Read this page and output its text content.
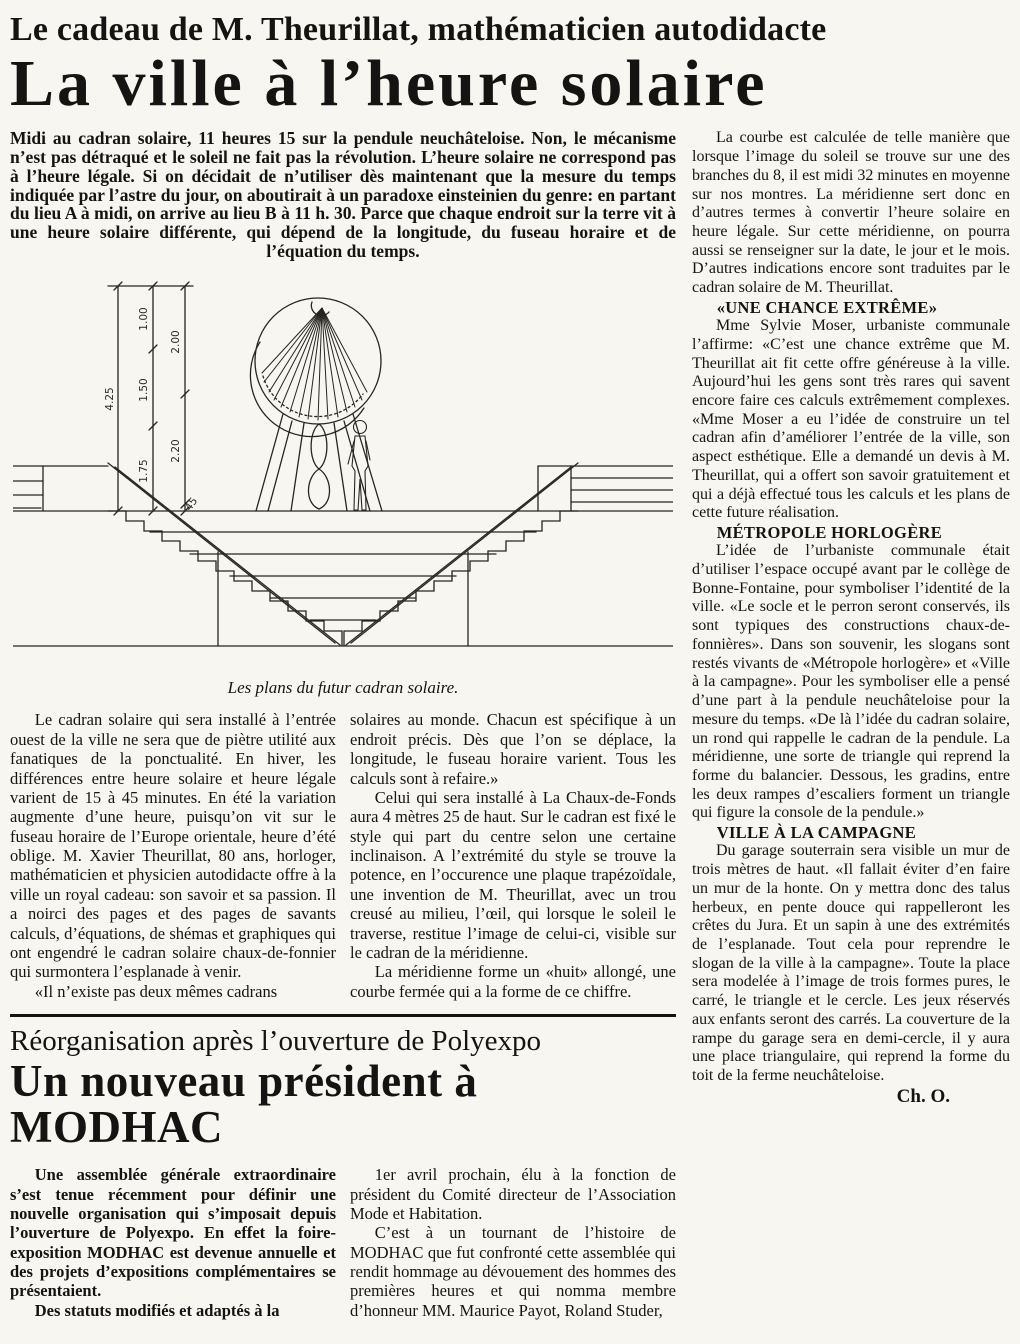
Le cadeau de M. Theurillat, mathématicien autodidacte
La ville à l’heure solaire

Midi au cadran solaire, 11 heures 15 sur la pendule neuchâteloise. Non, le mécanisme n’est pas détraqué et le soleil ne fait pas la révolution. L’heure solaire ne correspond pas à l’heure légale. Si on décidait de n’utiliser dès maintenant que la mesure du temps indiquée par l’astre du jour, on aboutirait à un paradoxe einsteinien du genre: en partant du lieu A à midi, on arrive au lieu B à 11 h. 30. Parce que chaque endroit sur la terre vit à une heure solaire différente, qui dépend de la longitude, du fuseau horaire et de l’équation du temps.

4.25
1.00
1.50
1.75
2.00
2.20
45
Les plans du futur cadran solaire.

Le cadran solaire qui sera installé à l’entrée ouest de la ville ne sera que de piètre utilité aux fanatiques de la ponctualité. En hiver, les différences entre heure solaire et heure légale varient de 15 à 45 minutes. En été la variation augmente d’une heure, puisqu’on vit sur le fuseau horaire de l’Europe orientale, heure d’été oblige. M. Xavier Theurillat, 80 ans, horloger, mathématicien et physicien autodidacte offre à la ville un royal cadeau: son savoir et sa passion. Il a noirci des pages et des pages de savants calculs, d’équations, de shémas et graphiques qui ont engendré le cadran solaire chaux-de-fonnier qui surmontera l’esplanade à venir.

«Il n’existe pas deux mêmes cadrans

solaires au monde. Chacun est spécifique à un endroit précis. Dès que l’on se déplace, la longitude, le fuseau horaire varient. Tous les calculs sont à refaire.»

Celui qui sera installé à La Chaux-de-Fonds aura 4 mètres 25 de haut. Sur le cadran est fixé le style qui part du centre selon une certaine inclinaison. A l’extrémité du style se trouve la potence, en l’occurence une plaque trapézoïdale, une invention de M. Theurillat, avec un trou creusé au milieu, l’œil, qui lorsque le soleil le traverse, restitue l’image de celui-ci, visible sur le cadran de la méridienne.

La méridienne forme un «huit» allongé, une courbe fermée qui a la forme de ce chiffre.

Réorganisation après l’ouverture de Polyexpo
Un nouveau président à MODHAC

Une assemblée générale extraordinaire s’est tenue récemment pour définir une nouvelle organisation qui s’imposait depuis l’ouverture de Polyexpo. En effet la foire-exposition MODHAC est devenue annuelle et des projets d’expositions complémentaires se présentaient.

Des statuts modifiés et adaptés à la

1er avril prochain, élu à la fonction de président du Comité directeur de l’Association Mode et Habitation.

C’est à un tournant de l’histoire de MODHAC que fut confronté cette assemblée qui rendit hommage au dévouement des hommes des premières heures et qui nomma membre d’honneur MM. Maurice Payot, Roland Studer,

La courbe est calculée de telle manière que lorsque l’image du soleil se trouve sur une des branches du 8, il est midi 32 minutes en moyenne sur nos montres. La méridienne sert donc en d’autres termes à convertir l’heure solaire en heure légale. Sur cette méridienne, on pourra aussi se renseigner sur la date, le jour et le mois. D’autres indications encore sont traduites par le cadran solaire de M. Theurillat.

«UNE CHANCE EXTRÊME»

Mme Sylvie Moser, urbaniste communale l’affirme: «C’est une chance extrême que M. Theurillat ait fit cette offre généreuse à la ville. Aujourd’hui les gens sont très rares qui savent encore faire ces calculs extrêmement complexes. «Mme Moser a eu l’idée de construire un tel cadran afin d’améliorer l’entrée de la ville, son aspect esthétique. Elle a demandé un devis à M. Theurillat, qui a offert son savoir gratuitement et qui a déjà effectué tous les calculs et les plans de cette future réalisation.

MÉTROPOLE HORLOGÈRE

L’idée de l’urbaniste communale était d’utiliser l’espace occupé avant par le collège de Bonne-Fontaine, pour symboliser l’identité de la ville. «Le socle et le perron seront conservés, ils sont typiques des constructions chaux-de-fonnières». Dans son souvenir, les slogans sont restés vivants de «Métropole horlogère» et «Ville à la campagne». Pour les symboliser elle a pensé d’une part à la pendule neuchâteloise pour la mesure du temps. «De là l’idée du cadran solaire, un rond qui rappelle le cadran de la pendule. La méridienne, une sorte de triangle qui reprend la forme du balancier. Dessous, les gradins, entre les deux rampes d’escaliers forment un triangle qui figure la console de la pendule.»

VILLE À LA CAMPAGNE

Du garage souterrain sera visible un mur de trois mètres de haut. «Il fallait éviter d’en faire un mur de la honte. On y mettra donc des talus herbeux, en pente douce qui rappelleront les crêtes du Jura. Et un sapin à une des extrémités de l’esplanade. Tout cela pour reprendre le slogan de la ville à la campagne». Toute la place sera modelée à l’image de trois formes pures, le carré, le triangle et le cercle. Les jeux réservés aux enfants seront des carrés. La couverture de la rampe du garage sera en demi-cercle, il y aura une place triangulaire, qui reprend la forme du toit de la ferme neuchâteloise.

Ch. O.
